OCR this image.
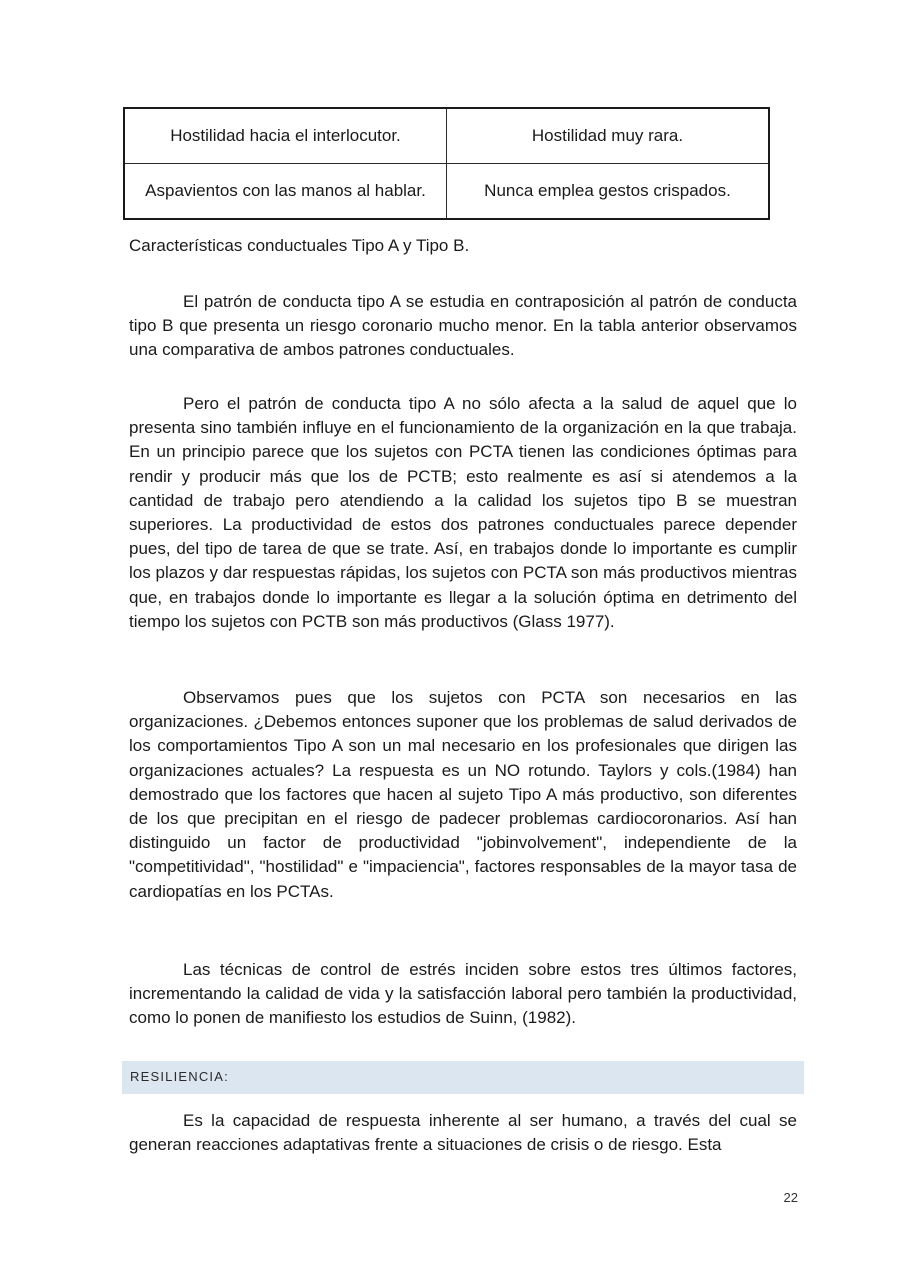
Hostilidad hacia el interlocutor.	Hostilidad muy rara.
Aspavientos con las manos al hablar.	Nunca emplea gestos crispados.

Características conductuales Tipo A y Tipo B.

El patrón de conducta tipo A se estudia en contraposición al patrón de conducta tipo B que presenta un riesgo coronario mucho menor. En la tabla anterior observamos una comparativa de ambos patrones conductuales.

Pero el patrón de conducta tipo A no sólo afecta a la salud de aquel que lo presenta sino también influye en el funcionamiento de la organización en la que trabaja. En un principio parece que los sujetos con PCTA tienen las condiciones óptimas para rendir y producir más que los de PCTB; esto realmente es así si atendemos a la cantidad de trabajo pero atendiendo a la calidad los sujetos tipo B se muestran superiores. La productividad de estos dos patrones conductuales parece depender pues, del tipo de tarea de que se trate. Así, en trabajos donde lo importante es cumplir los plazos y dar respuestas rápidas, los sujetos con PCTA son más productivos mientras que, en trabajos donde lo importante es llegar a la solución óptima en detrimento del tiempo los sujetos con PCTB son más productivos (Glass 1977).

Observamos pues que los sujetos con PCTA son necesarios en las organizaciones. ¿Debemos entonces suponer que los problemas de salud derivados de los comportamientos Tipo A son un mal necesario en los profesionales que dirigen las organizaciones actuales? La respuesta es un NO rotundo. Taylors y cols.(1984) han demostrado que los factores que hacen al sujeto Tipo A más productivo, son diferentes de los que precipitan en el riesgo de padecer problemas cardiocoronarios. Así han distinguido un factor de productividad "jobinvolvement", independiente de la "competitividad", "hostilidad" e "impaciencia", factores responsables de la mayor tasa de cardiopatías en los PCTAs.

Las técnicas de control de estrés inciden sobre estos tres últimos factores, incrementando la calidad de vida y la satisfacción laboral pero también la productividad, como lo ponen de manifiesto los estudios de Suinn, (1982).

RESILIENCIA:

Es la capacidad de respuesta inherente al ser humano, a través del cual se generan reacciones adaptativas frente a situaciones de crisis o de riesgo. Esta

22
